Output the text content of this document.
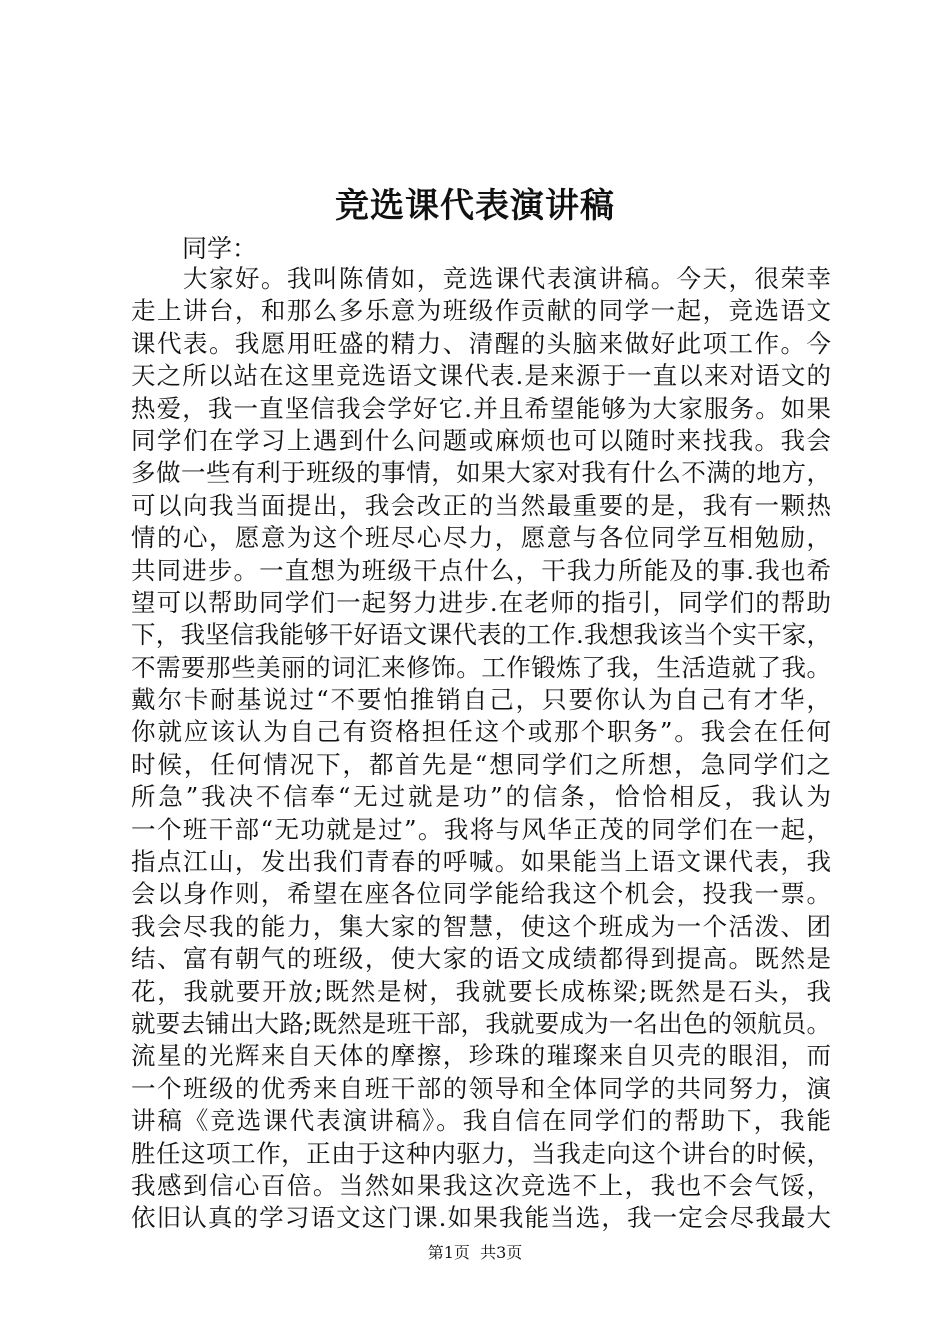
竞选课代表演讲稿
同学：
大家好。我叫陈倩如，竞选课代表演讲稿。今天，很荣幸
走上讲台，和那么多乐意为班级作贡献的同学一起，竞选语文
课代表。我愿用旺盛的精力、清醒的头脑来做好此项工作。今
天之所以站在这里竞选语文课代表.是来源于一直以来对语文的
热爱，我一直坚信我会学好它.并且希望能够为大家服务。如果
同学们在学习上遇到什么问题或麻烦也可以随时来找我。我会
多做一些有利于班级的事情，如果大家对我有什么不满的地方，
可以向我当面提出，我会改正的当然最重要的是，我有一颗热
情的心，愿意为这个班尽心尽力，愿意与各位同学互相勉励，
共同进步。一直想为班级干点什么，干我力所能及的事.我也希
望可以帮助同学们一起努力进步.在老师的指引，同学们的帮助
下，我坚信我能够干好语文课代表的工作.我想我该当个实干家，
不需要那些美丽的词汇来修饰。工作锻炼了我，生活造就了我。
戴尔卡耐基说过“不要怕推销自己，只要你认为自己有才华，
你就应该认为自己有资格担任这个或那个职务”。我会在任何
时候，任何情况下，都首先是“想同学们之所想，急同学们之
所急”我决不信奉“无过就是功”的信条，恰恰相反，我认为
一个班干部“无功就是过”。我将与风华正茂的同学们在一起，
指点江山，发出我们青春的呼喊。如果能当上语文课代表，我
会以身作则，希望在座各位同学能给我这个机会，投我一票。
我会尽我的能力，集大家的智慧，使这个班成为一个活泼、团
结、富有朝气的班级，使大家的语文成绩都得到提高。既然是
花，我就要开放;既然是树，我就要长成栋梁;既然是石头，我
就要去铺出大路;既然是班干部，我就要成为一名出色的领航员。
流星的光辉来自天体的摩擦，珍珠的璀璨来自贝壳的眼泪，而
一个班级的优秀来自班干部的领导和全体同学的共同努力，演
讲稿《竞选课代表演讲稿》。我自信在同学们的帮助下，我能
胜任这项工作，正由于这种内驱力，当我走向这个讲台的时候，
我感到信心百倍。当然如果我这次竞选不上，我也不会气馁，
依旧认真的学习语文这门课.如果我能当选，我一定会尽我最大
第1页  共3页
